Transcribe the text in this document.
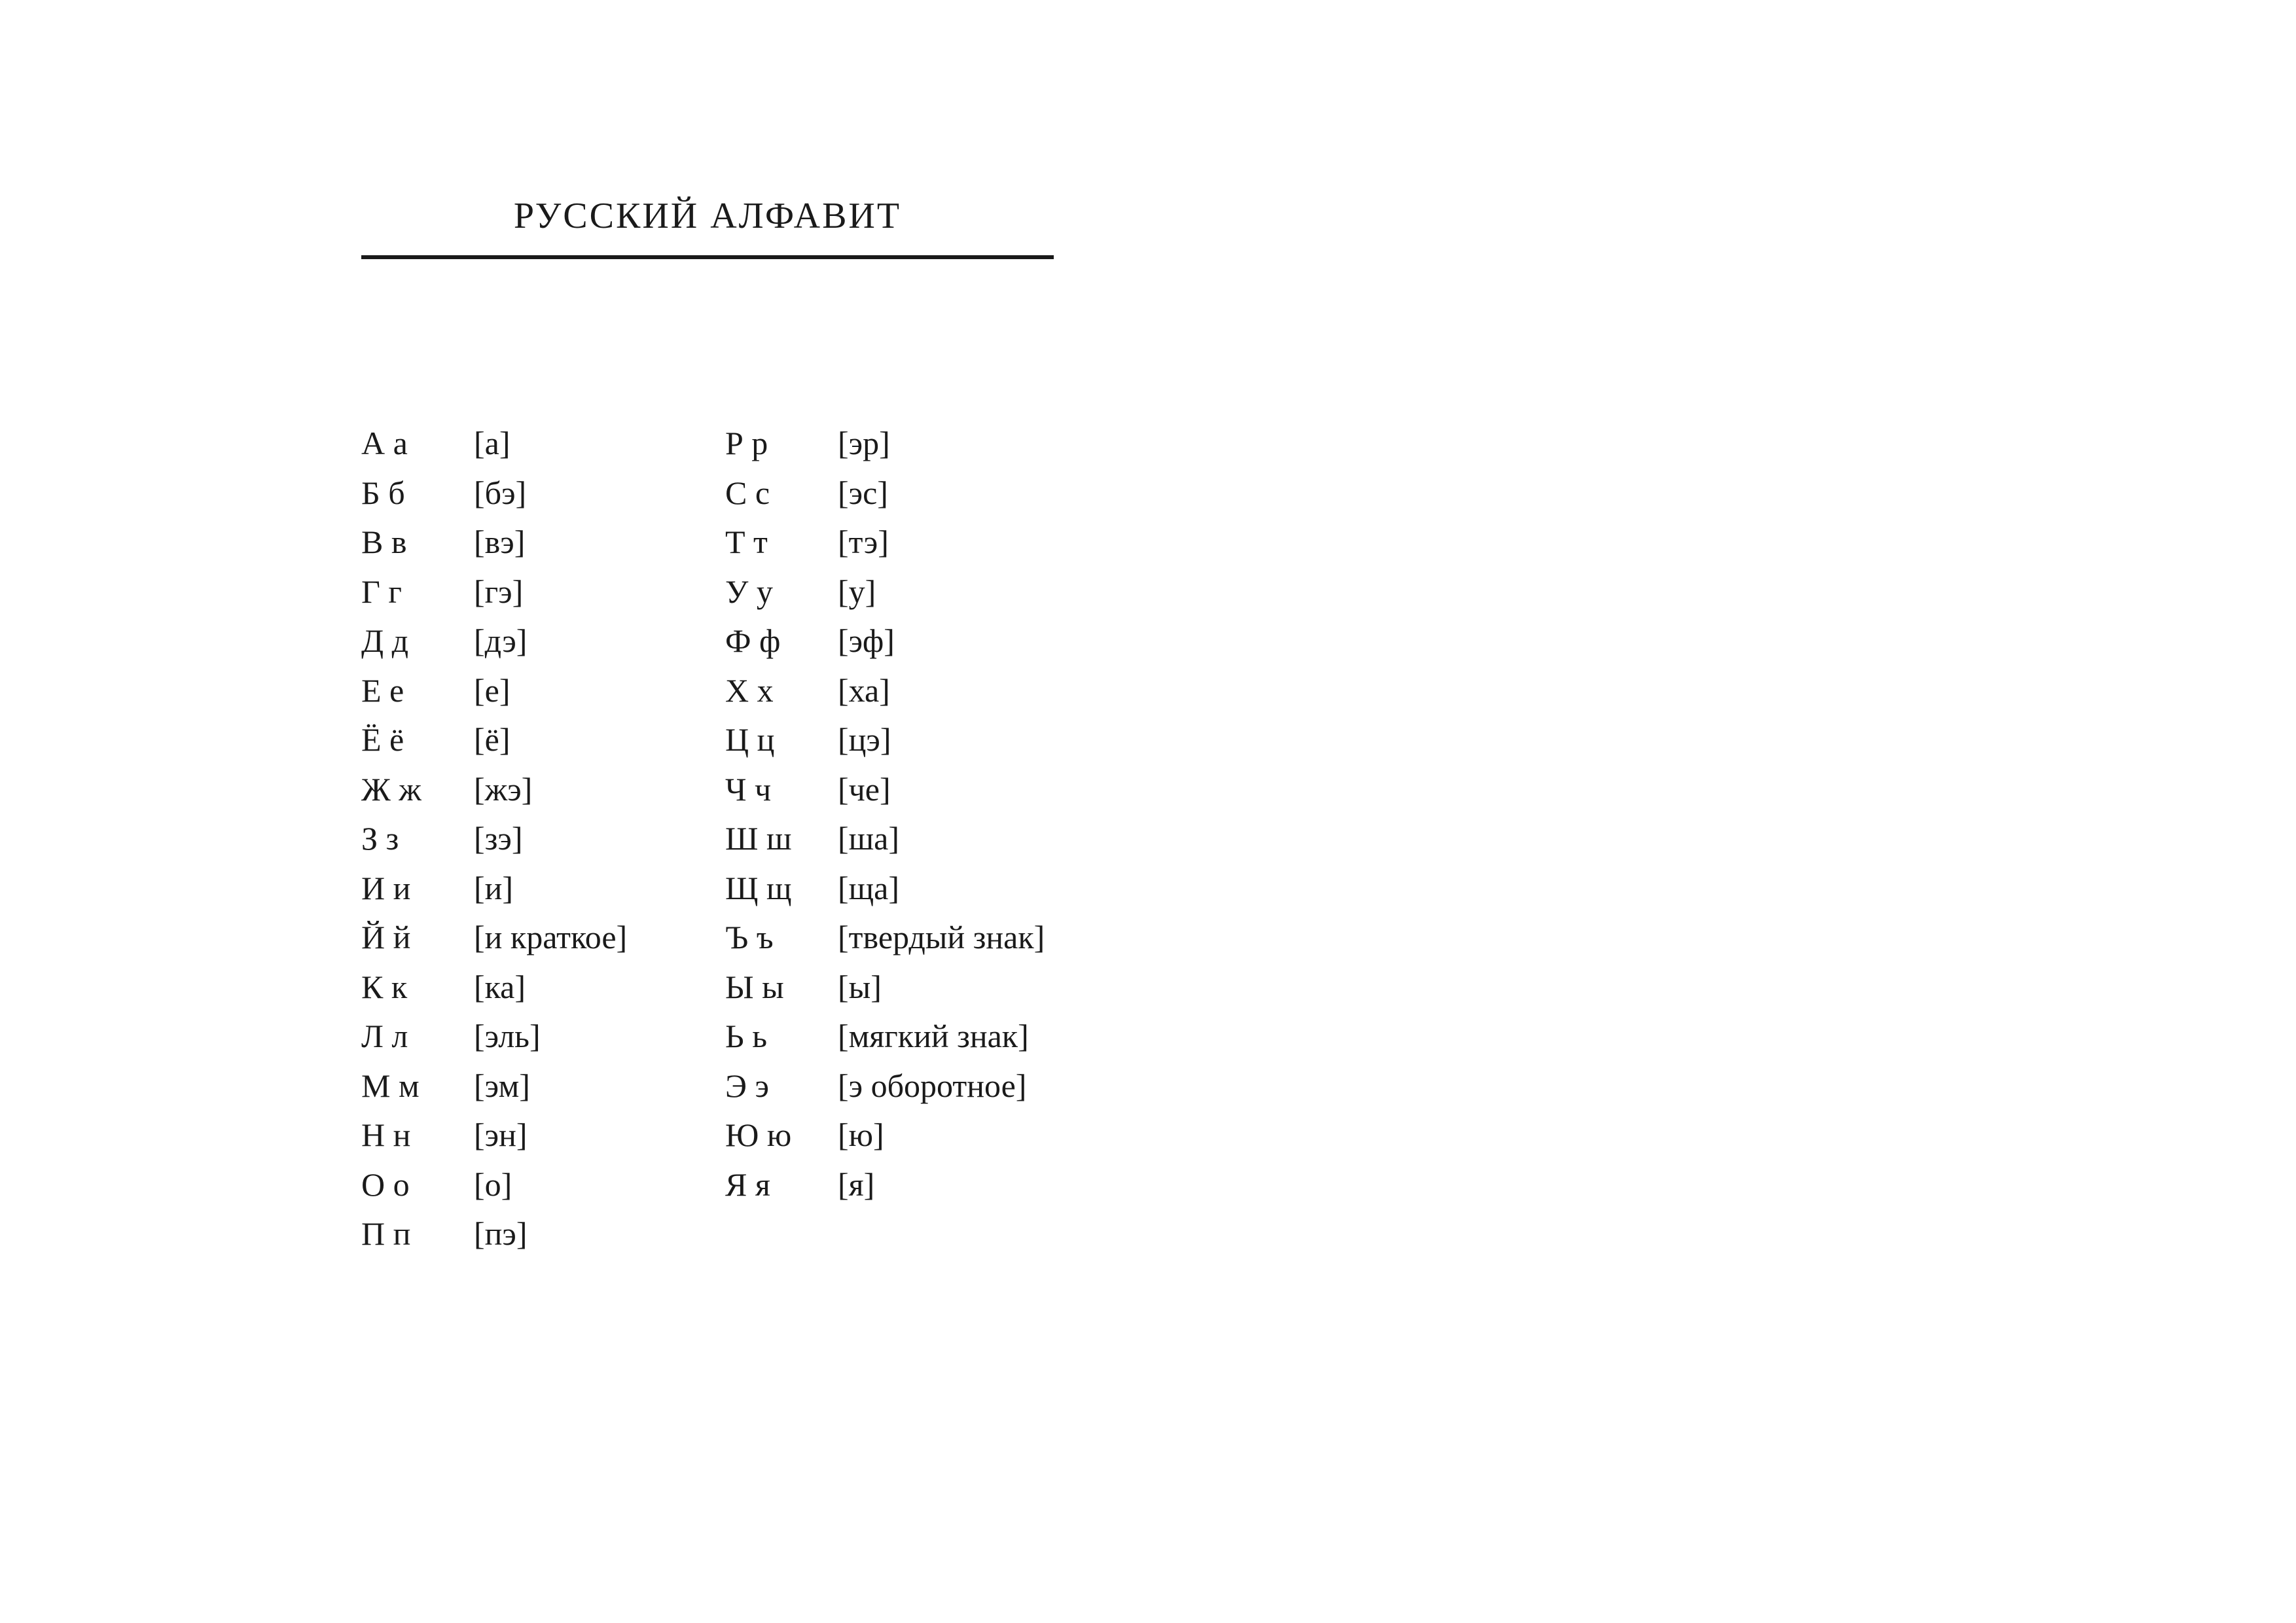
РУССКИЙ АЛФАВИТ
А а [а]
Б б [бэ]
В в [вэ]
Г г [гэ]
Д д [дэ]
Е е [е]
Ё ё [ё]
Ж ж [жэ]
З з [зэ]
И и [и]
Й й [и краткое]
К к [ка]
Л л [эль]
М м [эм]
Н н [эн]
О о [о]
П п [пэ]
Р р [эр]
С с [эс]
Т т [тэ]
У у [у]
Ф ф [эф]
Х х [ха]
Ц ц [цэ]
Ч ч [че]
Ш ш [ша]
Щ щ [ща]
Ъ ъ [твердый знак]
Ы ы [ы]
Ь ь [мягкий знак]
Э э [э оборотное]
Ю ю [ю]
Я я [я]
